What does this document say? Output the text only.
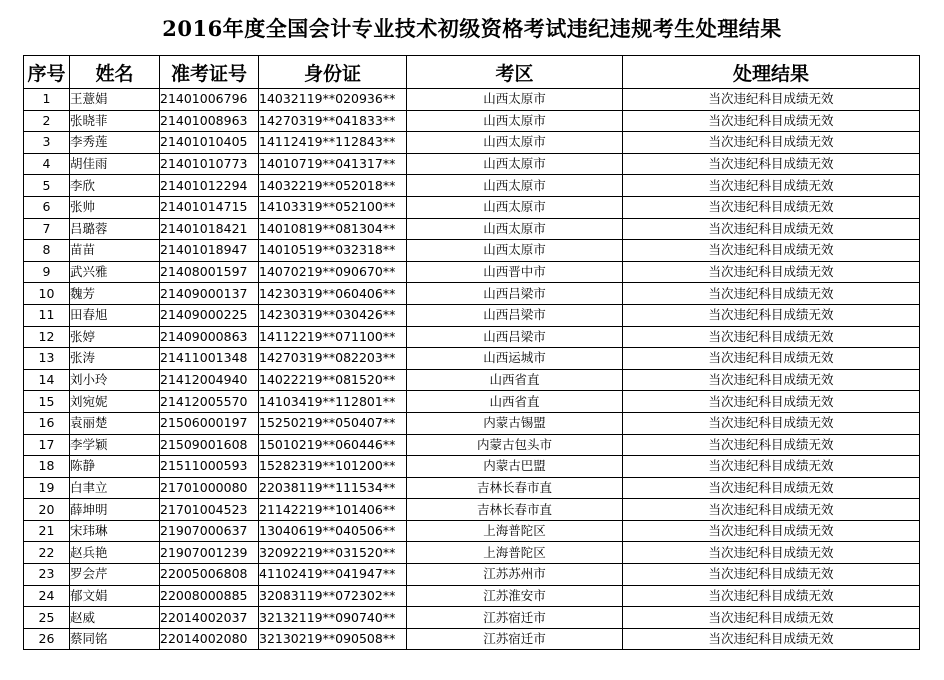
2016年度全国会计专业技术初级资格考试违纪违规考生处理结果
序号	姓名	准考证号	身份证	考区	处理结果
1	王薏娟	21401006796	14032119**020936**	山西太原市	当次违纪科目成绩无效
2	张晓菲	21401008963	14270319**041833**	山西太原市	当次违纪科目成绩无效
3	李秀莲	21401010405	14112419**112843**	山西太原市	当次违纪科目成绩无效
4	胡佳雨	21401010773	14010719**041317**	山西太原市	当次违纪科目成绩无效
5	李欣	21401012294	14032219**052018**	山西太原市	当次违纪科目成绩无效
6	张帅	21401014715	14103319**052100**	山西太原市	当次违纪科目成绩无效
7	吕璐蓉	21401018421	14010819**081304**	山西太原市	当次违纪科目成绩无效
8	苗苗	21401018947	14010519**032318**	山西太原市	当次违纪科目成绩无效
9	武兴雅	21408001597	14070219**090670**	山西晋中市	当次违纪科目成绩无效
10	魏芳	21409000137	14230319**060406**	山西吕梁市	当次违纪科目成绩无效
11	田春旭	21409000225	14230319**030426**	山西吕梁市	当次违纪科目成绩无效
12	张婷	21409000863	14112219**071100**	山西吕梁市	当次违纪科目成绩无效
13	张涛	21411001348	14270319**082203**	山西运城市	当次违纪科目成绩无效
14	刘小玲	21412004940	14022219**081520**	山西省直	当次违纪科目成绩无效
15	刘宛妮	21412005570	14103419**112801**	山西省直	当次违纪科目成绩无效
16	袁丽楚	21506000197	15250219**050407**	内蒙古锡盟	当次违纪科目成绩无效
17	李学颖	21509001608	15010219**060446**	内蒙古包头市	当次违纪科目成绩无效
18	陈静	21511000593	15282319**101200**	内蒙古巴盟	当次违纪科目成绩无效
19	白聿立	21701000080	22038119**111534**	吉林长春市直	当次违纪科目成绩无效
20	薛坤明	21701004523	21142219**101406**	吉林长春市直	当次违纪科目成绩无效
21	宋玮琳	21907000637	13040619**040506**	上海普陀区	当次违纪科目成绩无效
22	赵兵艳	21907001239	32092219**031520**	上海普陀区	当次违纪科目成绩无效
23	罗会芹	22005006808	41102419**041947**	江苏苏州市	当次违纪科目成绩无效
24	郁文娟	22008000885	32083119**072302**	江苏淮安市	当次违纪科目成绩无效
25	赵威	22014002037	32132119**090740**	江苏宿迁市	当次违纪科目成绩无效
26	蔡同铭	22014002080	32130219**090508**	江苏宿迁市	当次违纪科目成绩无效
